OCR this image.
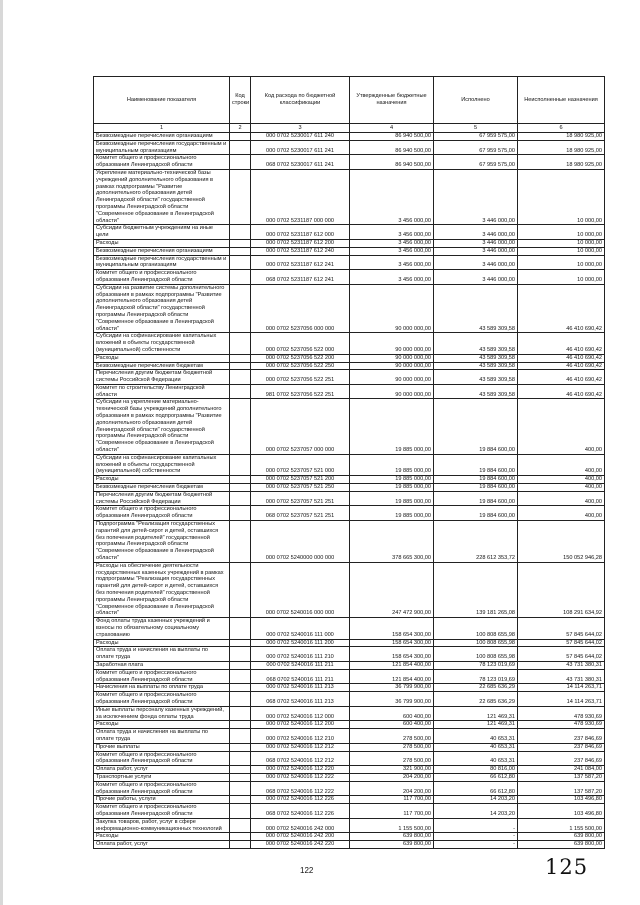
Наименование показателя	Код строки	Код расхода по бюджетной классификации	Утвержденные бюджетные назначения	Исполнено	Неисполненные назначения
1	2	3	4	5	6
Безвозмездные перечисления организациям		000 0702 5230017 611 240	86 940 500,00	67 959 575,00	18 980 925,00
Безвозмездные перечисления государственным и муниципальным организациям		000 0702 5230017 611 241	86 940 500,00	67 959 575,00	18 980 925,00
Комитет общего и профессионального образования Ленинградской области		068 0702 5230017 611 241	86 940 500,00	67 959 575,00	18 980 925,00
Укрепление материально-технической базы учреждений дополнительного образования в рамках подпрограммы "Развитие дополнительного образования детей Ленинградской области" государственной программы Ленинградской области "Современное образование в Ленинградской области"		000 0702 5231187 000 000	3 456 000,00	3 446 000,00	10 000,00
Субсидии бюджетным учреждениям на иные цели		000 0702 5231187 612 000	3 456 000,00	3 446 000,00	10 000,00
Расходы		000 0702 5231187 612 200	3 456 000,00	3 446 000,00	10 000,00
Безвозмездные перечисления организациям		000 0702 5231187 612 240	3 456 000,00	3 446 000,00	10 000,00
Безвозмездные перечисления государственным и муниципальным организациям		000 0702 5231187 612 241	3 456 000,00	3 446 000,00	10 000,00
Комитет общего и профессионального образования Ленинградской области		068 0702 5231187 612 241	3 456 000,00	3 446 000,00	10 000,00
Субсидии на развитие системы дополнительного образования в рамках подпрограммы "Развитие дополнительного образования детей Ленинградской области" государственной программы Ленинградской области "Современное образование в Ленинградской области"		000 0702 5237056 000 000	90 000 000,00	43 589 309,58	46 410 690,42
Субсидии на софинансирование капитальных вложений в объекты государственной (муниципальной) собственности		000 0702 5237056 522 000	90 000 000,00	43 589 309,58	46 410 690,42
Расходы		000 0702 5237056 522 200	90 000 000,00	43 589 309,58	46 410 690,42
Безвозмездные перечисления бюджетам		000 0702 5237056 522 250	90 000 000,00	43 589 309,58	46 410 690,42
Перечисления другим бюджетам бюджетной системы Российской Федерации		000 0702 5237056 522 251	90 000 000,00	43 589 309,58	46 410 690,42
Комитет по строительству Ленинградской области		981 0702 5237056 522 251	90 000 000,00	43 589 309,58	46 410 690,42
Субсидии на укрепление материально-технической базы учреждений дополнительного образования в рамках подпрограммы "Развитие дополнительного образования детей Ленинградской области" государственной программы Ленинградской области "Современное образование в Ленинградской области"		000 0702 5237057 000 000	19 885 000,00	19 884 600,00	400,00
Субсидии на софинансирование капитальных вложений в объекты государственной (муниципальной) собственности		000 0702 5237057 521 000	19 885 000,00	19 884 600,00	400,00
Расходы		000 0702 5237057 521 200	19 885 000,00	19 884 600,00	400,00
Безвозмездные перечисления бюджетам		000 0702 5237057 521 250	19 885 000,00	19 884 600,00	400,00
Перечисления другим бюджетам бюджетной системы Российской Федерации		000 0702 5237057 521 251	19 885 000,00	19 884 600,00	400,00
Комитет общего и профессионального образования Ленинградской области		068 0702 5237057 521 251	19 885 000,00	19 884 600,00	400,00
Подпрограмма "Реализация государственных гарантий для детей-сирот и детей, оставшихся без попечения родителей" государственной программы Ленинградской области "Современное образование в Ленинградской области"		000 0702 5240000 000 000	378 665 300,00	228 612 353,72	150 052 946,28
Расходы на обеспечение деятельности государственных казенных учреждений в рамках подпрограммы "Реализация государственных гарантий для детей-сирот и детей, оставшихся без попечения родителей" государственной программы Ленинградской области "Современное образование в Ленинградской области"		000 0702 5240016 000 000	247 472 900,00	139 181 265,08	108 291 634,92
Фонд оплаты труда казенных учреждений и взносы по обязательному социальному страхованию		000 0702 5240016 111 000	158 654 300,00	100 808 655,98	57 845 644,02
Расходы		000 0702 5240016 111 200	158 654 300,00	100 808 655,98	57 845 644,02
Оплата труда и начисления на выплаты по оплате труда		000 0702 5240016 111 210	158 654 300,00	100 808 655,98	57 845 644,02
Заработная плата		000 0702 5240016 111 211	121 854 400,00	78 123 019,69	43 731 380,31
Комитет общего и профессионального образования Ленинградской области		068 0702 5240016 111 211	121 854 400,00	78 123 019,69	43 731 380,31
Начисления на выплаты по оплате труда		000 0702 5240016 111 213	36 799 900,00	22 685 636,29	14 114 263,71
Комитет общего и профессионального образования Ленинградской области		068 0702 5240016 111 213	36 799 900,00	22 685 636,29	14 114 263,71
Иные выплаты персоналу казенных учреждений, за исключением фонда оплаты труда		000 0702 5240016 112 000	600 400,00	121 469,31	478 930,69
Расходы		000 0702 5240016 112 200	600 400,00	121 469,31	478 930,69
Оплата труда и начисления на выплаты по оплате труда		000 0702 5240016 112 210	278 500,00	40 653,31	237 846,69
Прочие выплаты		000 0702 5240016 112 212	278 500,00	40 653,31	237 846,69
Комитет общего и профессионального образования Ленинградской области		068 0702 5240016 112 212	278 500,00	40 653,31	237 846,69
Оплата работ, услуг		000 0702 5240016 112 220	321 900,00	80 816,00	241 084,00
Транспортные услуги		000 0702 5240016 112 222	204 200,00	66 612,80	137 587,20
Комитет общего и профессионального образования Ленинградской области		068 0702 5240016 112 222	204 200,00	66 612,80	137 587,20
Прочие работы, услуги		000 0702 5240016 112 226	117 700,00	14 203,20	103 496,80
Комитет общего и профессионального образования Ленинградской области		068 0702 5240016 112 226	117 700,00	14 203,20	103 496,80
Закупка товаров, работ, услуг в сфере информационно-коммуникационных технологий		000 0702 5240016 242 000	1 155 500,00	-	1 155 500,00
Расходы		000 0702 5240016 242 200	639 800,00	-	639 800,00
Оплата работ, услуг		000 0702 5240016 242 220	639 800,00	-	639 800,00
122	125
